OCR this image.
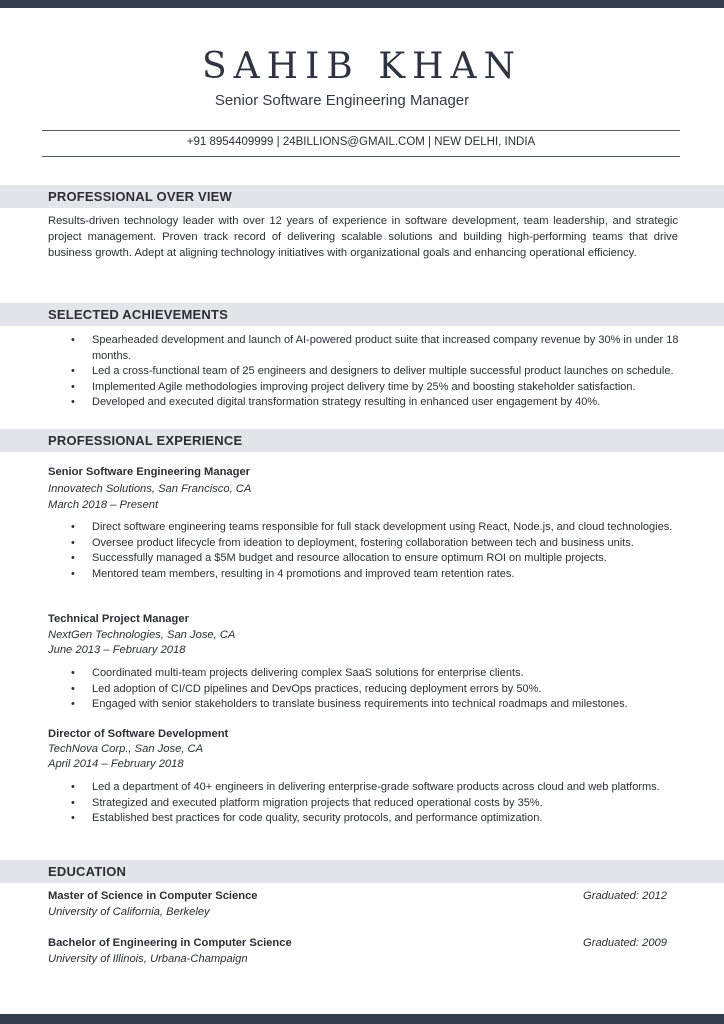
SAHIB KHAN
Senior Software Engineering Manager
+91 8954409999 | 24BILLIONS@GMAIL.COM | NEW DELHI, INDIA
PROFESSIONAL OVER VIEW
Results-driven technology leader with over 12 years of experience in software development, team leadership, and strategic project management. Proven track record of delivering scalable solutions and building high-performing teams that drive business growth. Adept at aligning technology initiatives with organizational goals and enhancing operational efficiency.
SELECTED ACHIEVEMENTS
• Spearheaded development and launch of AI-powered product suite that increased company revenue by 30% in under 18 months.
• Led a cross-functional team of 25 engineers and designers to deliver multiple successful product launches on schedule.
• Implemented Agile methodologies improving project delivery time by 25% and boosting stakeholder satisfaction.
• Developed and executed digital transformation strategy resulting in enhanced user engagement by 40%.
PROFESSIONAL EXPERIENCE
Senior Software Engineering Manager
Innovatech Solutions, San Francisco, CA
March 2018 – Present
• Direct software engineering teams responsible for full stack development using React, Node.js, and cloud technologies.
• Oversee product lifecycle from ideation to deployment, fostering collaboration between tech and business units.
• Successfully managed a $5M budget and resource allocation to ensure optimum ROI on multiple projects.
• Mentored team members, resulting in 4 promotions and improved team retention rates.
Technical Project Manager
NextGen Technologies, San Jose, CA
June 2013 – February 2018
• Coordinated multi-team projects delivering complex SaaS solutions for enterprise clients.
• Led adoption of CI/CD pipelines and DevOps practices, reducing deployment errors by 50%.
• Engaged with senior stakeholders to translate business requirements into technical roadmaps and milestones.
Director of Software Development
TechNova Corp., San Jose, CA
April 2014 – February 2018
• Led a department of 40+ engineers in delivering enterprise-grade software products across cloud and web platforms.
• Strategized and executed platform migration projects that reduced operational costs by 35%.
• Established best practices for code quality, security protocols, and performance optimization.
EDUCATION
Master of Science in Computer Science	Graduated: 2012
University of California, Berkeley
Bachelor of Engineering in Computer Science	Graduated: 2009
University of Illinois, Urbana-Champaign
